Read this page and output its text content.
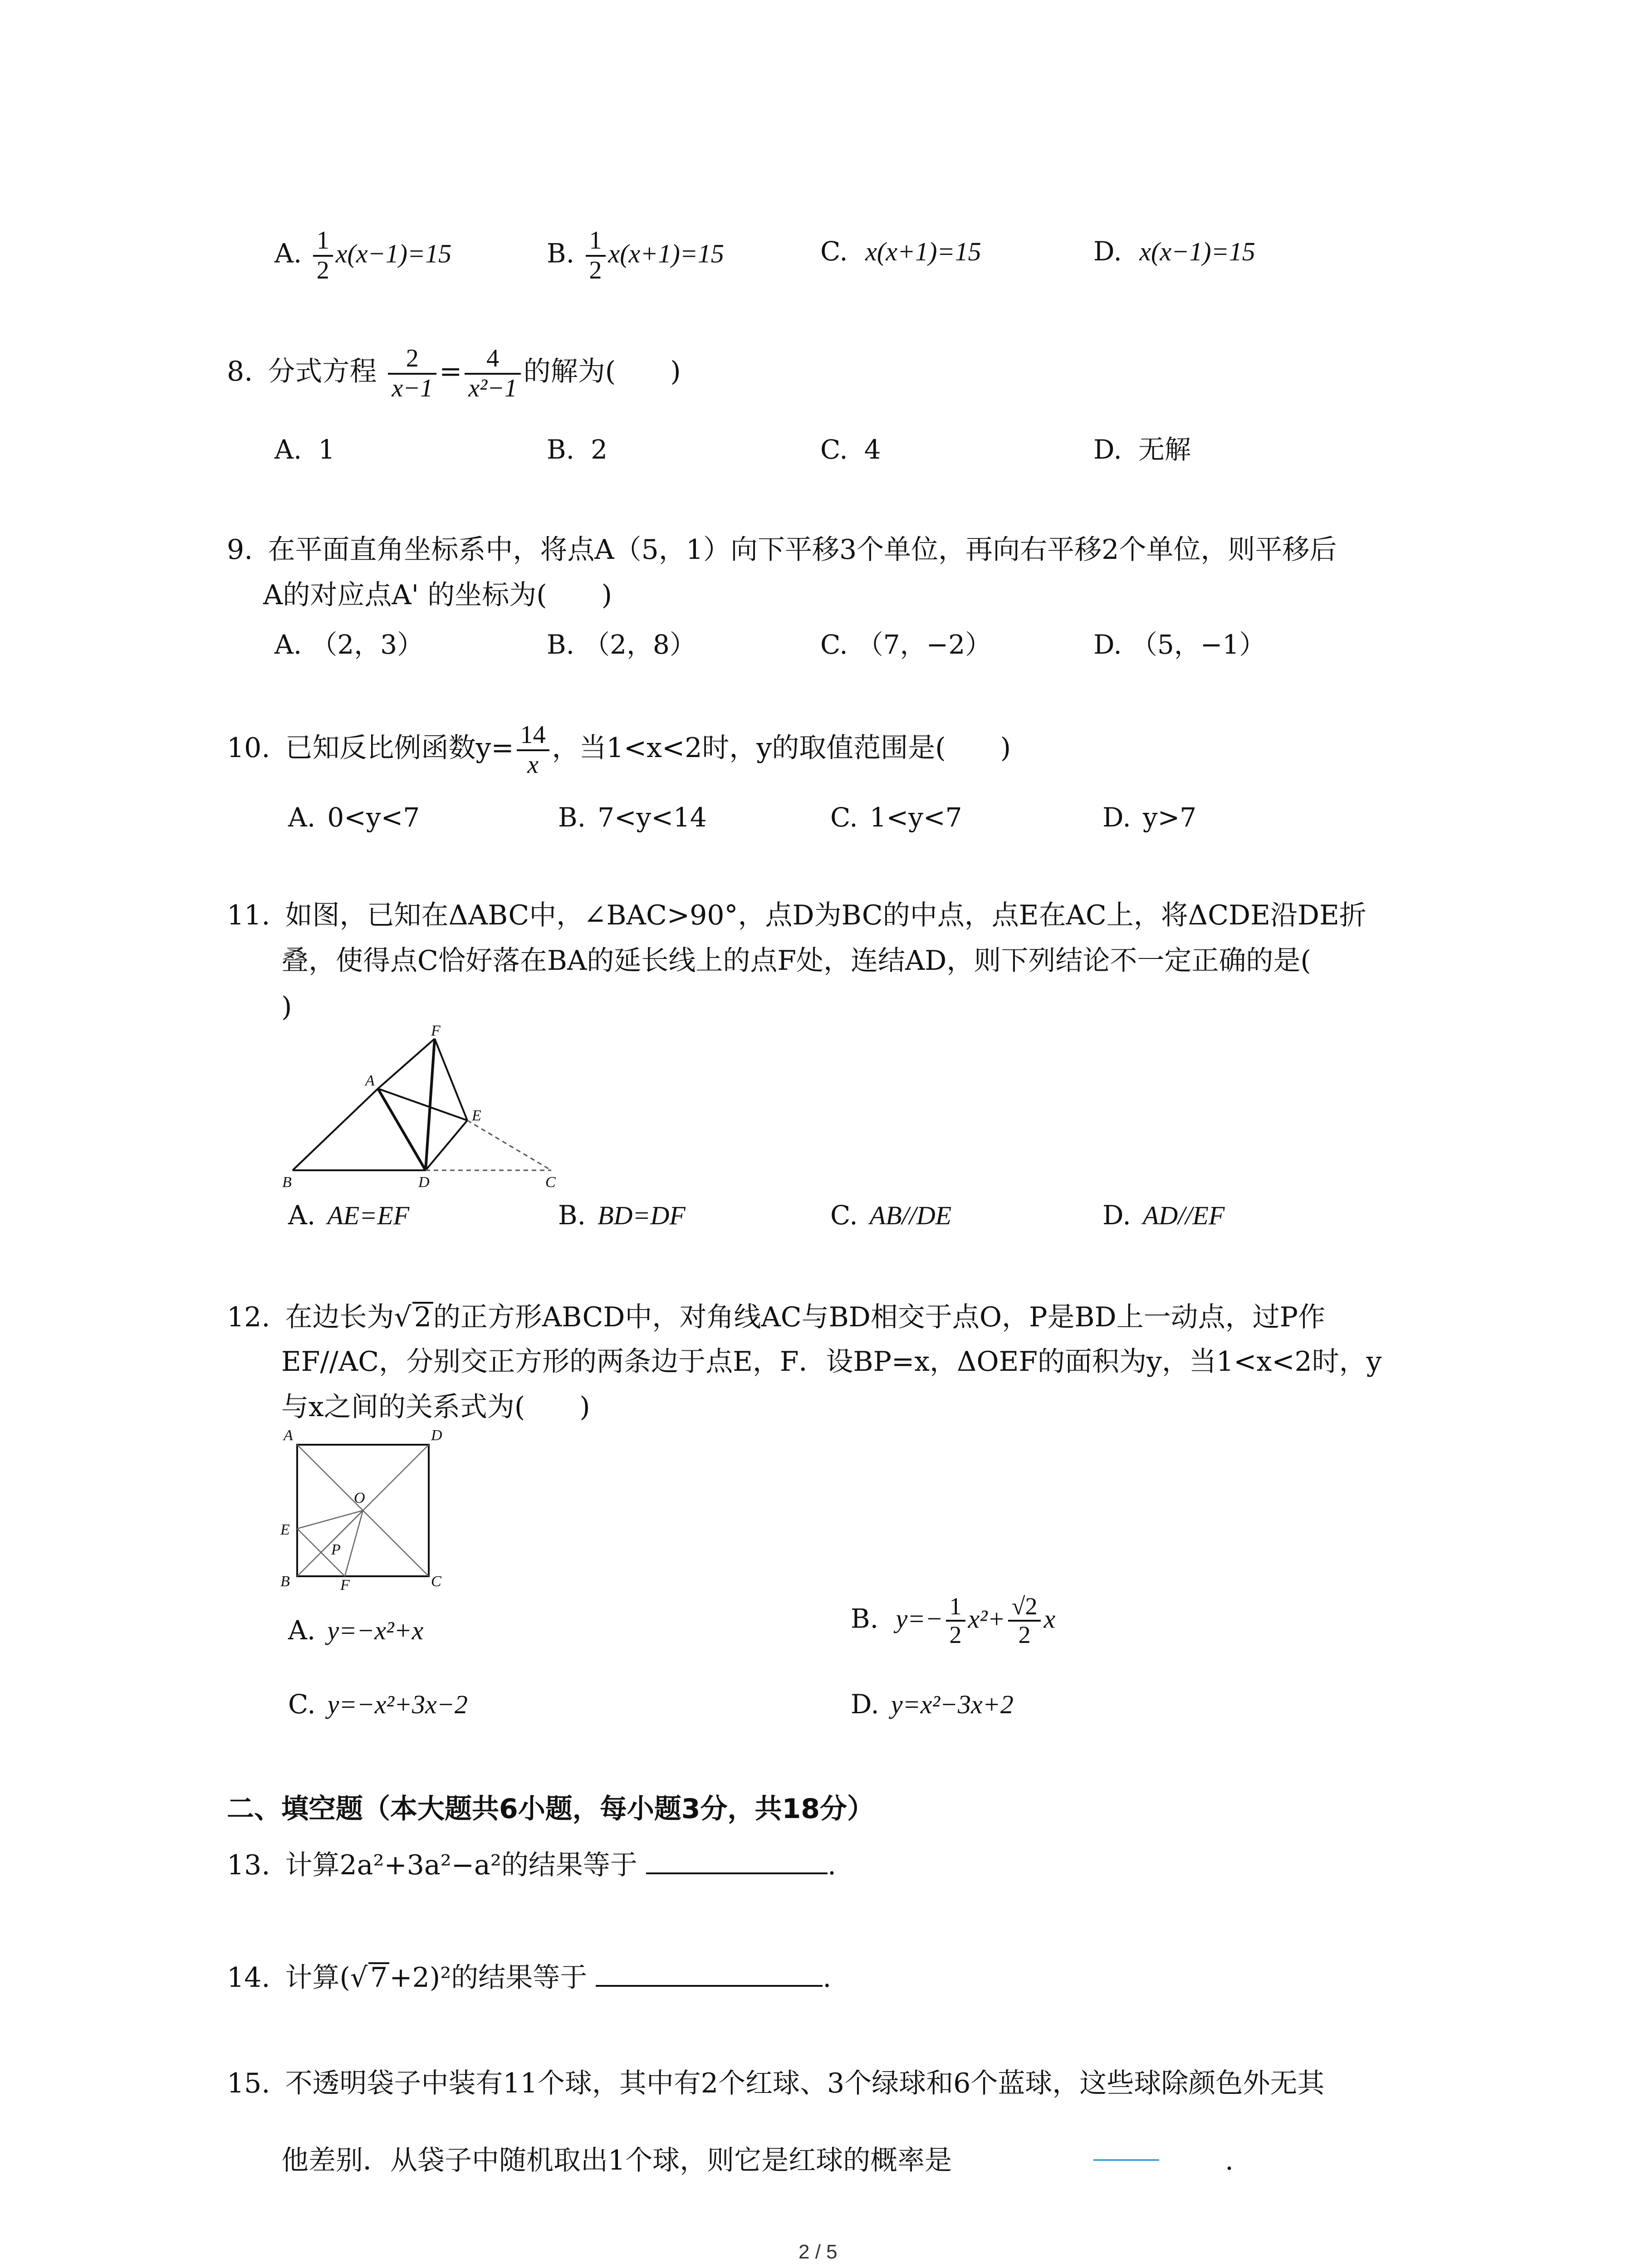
A. $\frac{1}{2} x(x-1)=15$	B. $\frac{1}{2} x(x+1)=15$	C. x(x+1)=15	D. x(x−1)=15
8. 分式方程 $\frac{2}{x-1} = \frac{4}{\text{x²−1}}$ 的解为(　　)
A. 1	B. 2	C. 4	D. 无解
9. 在平面直角坐标系中，将点A（5，1）向下平移3个单位，再向右平移2个单位，则平移后
A的对应点A' 的坐标为(　　)
A. （2，3）	B. （2，8）	C. （7，−2）	D. （5，−1）
10. 已知反比例函数$y= \frac{14}{x}$ ，当1<x<2时，y的取值范围是(　　)
A. 0<y<7	B. 7<y<14	C. 1<y<7	D. y>7
11. 如图，已知在ΔABC中，∠BAC>90°，点D为BC的中点，点E在AC上，将ΔCDE沿DE折
叠，使得点C恰好落在BA的延长线上的点F处，连结AD，则下列结论不一定正确的是(
)
F
A
E
B	D	C
A. AE=EF	B. BD=DF	C. AB//DE	D. AD//EF
12. 在边长为√ 2的正方形ABCD中，对角线AC与BD相交于点O，P是BD上一动点，过P作
EF//AC，分别交正方形的两条边于点E，F．设BP=x，ΔOEF的面积为y，当1<x<2时，y
与x之间的关系式为(　　)
A	D
O
E
P
B	F	C
A. y=−x²+x	B. $y=- \frac{1}{2} x^2+ \frac{√2}{2}$ x
C. y=−x²+3x−2	D. y=x²−3x+2
二、填空题（本大题共6小题，每小题3分，共18分）
13. 计算2a²+3a²−a²的结果等于	.
14. 计算(√ 7+2)²的结果等于	.
15. 不透明袋子中装有11个球，其中有2个红球、3个绿球和6个蓝球，这些球除颜色外无其
他差别．从袋子中随机取出1个球，则它是红球的概率是	.
2 / 5
